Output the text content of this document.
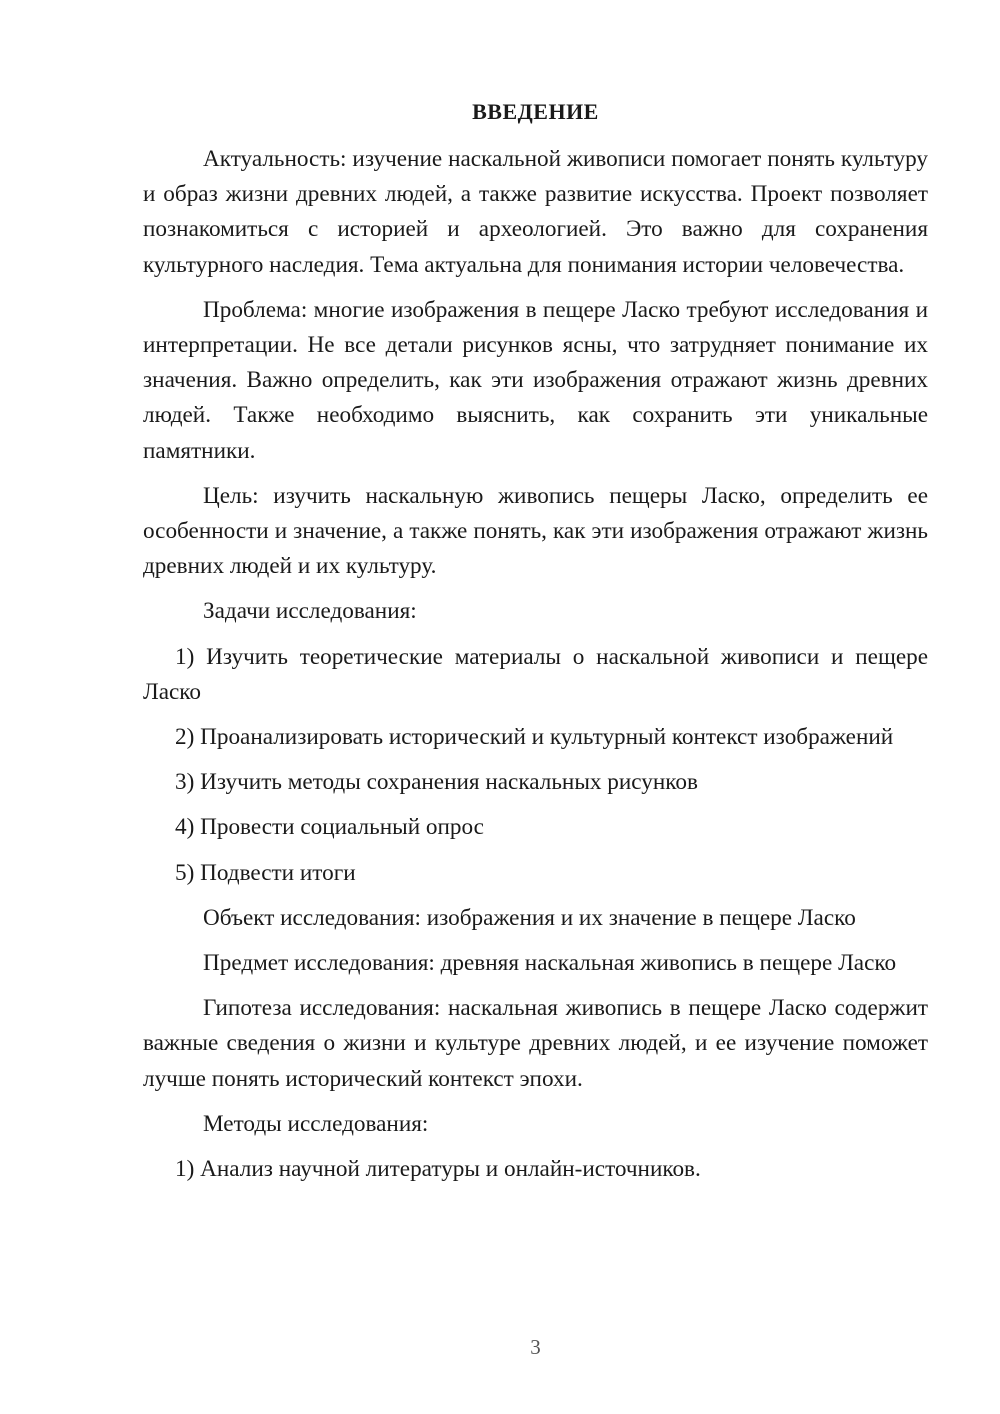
ВВЕДЕНИЕ

Актуальность: изучение наскальной живописи помогает понять культуру и образ жизни древних людей, а также развитие искусства. Проект позволяет познакомиться с историей и археологией. Это важно для сохранения культурного наследия. Тема актуальна для понимания истории человечества.

Проблема: многие изображения в пещере Ласко требуют исследования и интерпретации. Не все детали рисунков ясны, что затрудняет понимание их значения. Важно определить, как эти изображения отражают жизнь древних людей. Также необходимо выяснить, как сохранить эти уникальные памятники.

Цель: изучить наскальную живопись пещеры Ласко, определить ее особенности и значение, а также понять, как эти изображения отражают жизнь древних людей и их культуру.

Задачи исследования:

1) Изучить теоретические материалы о наскальной живописи и пещере Ласко

2) Проанализировать исторический и культурный контекст изображений

3) Изучить методы сохранения наскальных рисунков

4) Провести социальный опрос

5) Подвести итоги

Объект исследования: изображения и их значение в пещере Ласко

Предмет исследования: древняя наскальная живопись в пещере Ласко

Гипотеза исследования: наскальная живопись в пещере Ласко содержит важные сведения о жизни и культуре древних людей, и ее изучение поможет лучше понять исторический контекст эпохи.

Методы исследования:

1) Анализ научной литературы и онлайн-источников.

3
